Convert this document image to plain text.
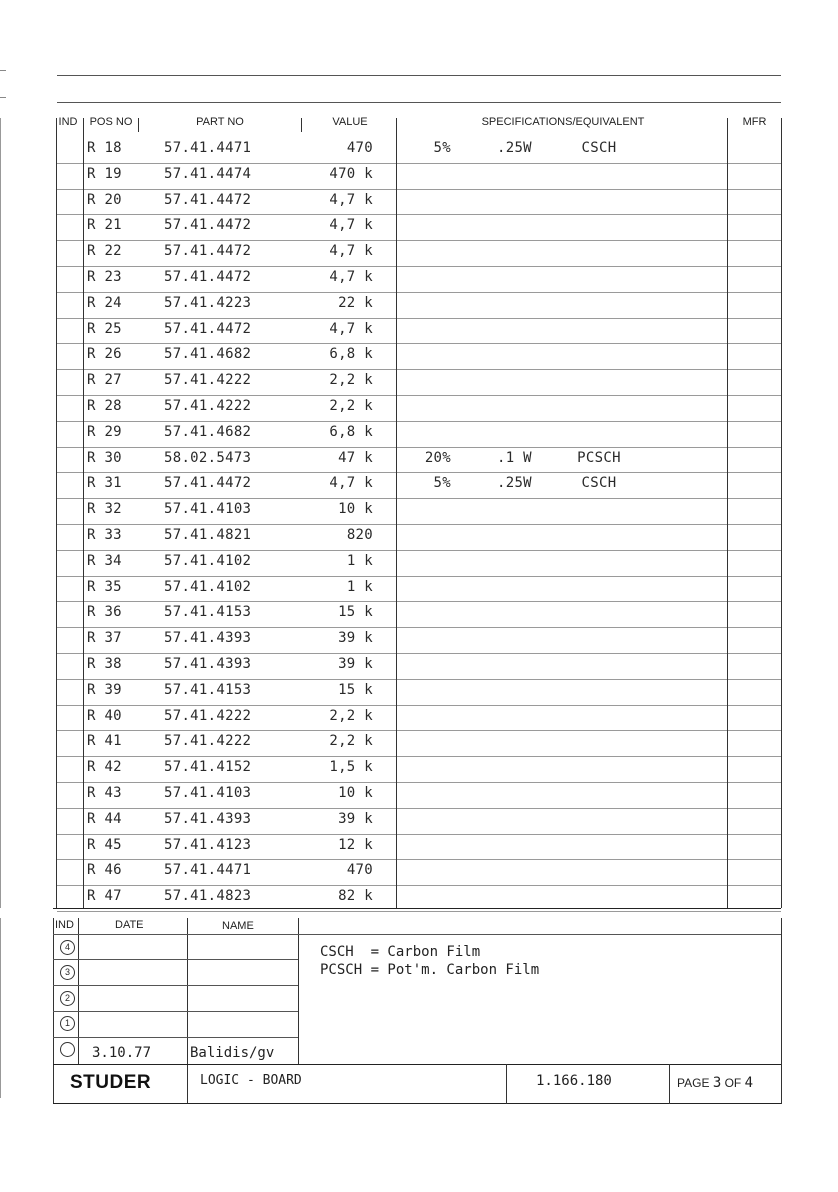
IND	POS NO	PART NO	VALUE	SPECIFICATIONS/EQUIVALENT	MFR
R 18	57.41.4471	470	5%	.25W	CSCH
R 19	57.41.4474	470 k
R 20	57.41.4472	4,7 k
R 21	57.41.4472	4,7 k
R 22	57.41.4472	4,7 k
R 23	57.41.4472	4,7 k
R 24	57.41.4223	22 k
R 25	57.41.4472	4,7 k
R 26	57.41.4682	6,8 k
R 27	57.41.4222	2,2 k
R 28	57.41.4222	2,2 k
R 29	57.41.4682	6,8 k
R 30	58.02.5473	47 k	20%	.1 W	PCSCH
R 31	57.41.4472	4,7 k	5%	.25W	CSCH
R 32	57.41.4103	10 k
R 33	57.41.4821	820
R 34	57.41.4102	1 k
R 35	57.41.4102	1 k
R 36	57.41.4153	15 k
R 37	57.41.4393	39 k
R 38	57.41.4393	39 k
R 39	57.41.4153	15 k
R 40	57.41.4222	2,2 k
R 41	57.41.4222	2,2 k
R 42	57.41.4152	1,5 k
R 43	57.41.4103	10 k
R 44	57.41.4393	39 k
R 45	57.41.4123	12 k
R 46	57.41.4471	470
R 47	57.41.4823	82 k
IND	DATE	NAME
4
3
2
1
3.10.77	Balidis/gv
CSCH  = Carbon Film
PCSCH = Pot'm. Carbon Film
STUDER	LOGIC - BOARD	1.166.180	PAGE 3 OF 4
